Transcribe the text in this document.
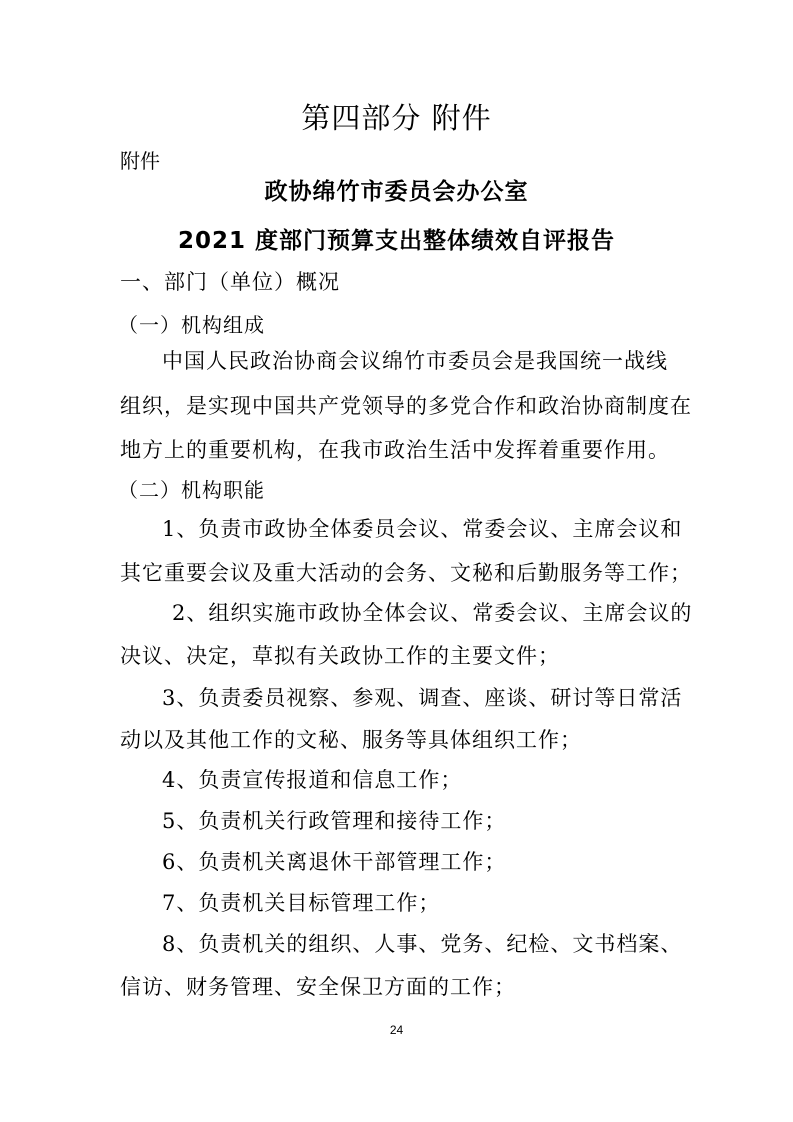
第四部分 附件
附件
政协绵竹市委员会办公室
2021 度部门预算支出整体绩效自评报告
一、部门（单位）概况
（一）机构组成
中国人民政治协商会议绵竹市委员会是我国统一战线
组织，是实现中国共产党领导的多党合作和政治协商制度在
地方上的重要机构，在我市政治生活中发挥着重要作用。
（二）机构职能
1、负责市政协全体委员会议、常委会议、主席会议和
其它重要会议及重大活动的会务、文秘和后勤服务等工作；
2、组织实施市政协全体会议、常委会议、主席会议的
决议、决定，草拟有关政协工作的主要文件；
3、负责委员视察、参观、调查、座谈、研讨等日常活
动以及其他工作的文秘、服务等具体组织工作；
4、负责宣传报道和信息工作；
5、负责机关行政管理和接待工作；
6、负责机关离退休干部管理工作；
7、负责机关目标管理工作；
8、负责机关的组织、人事、党务、纪检、文书档案、
信访、财务管理、安全保卫方面的工作；
24
